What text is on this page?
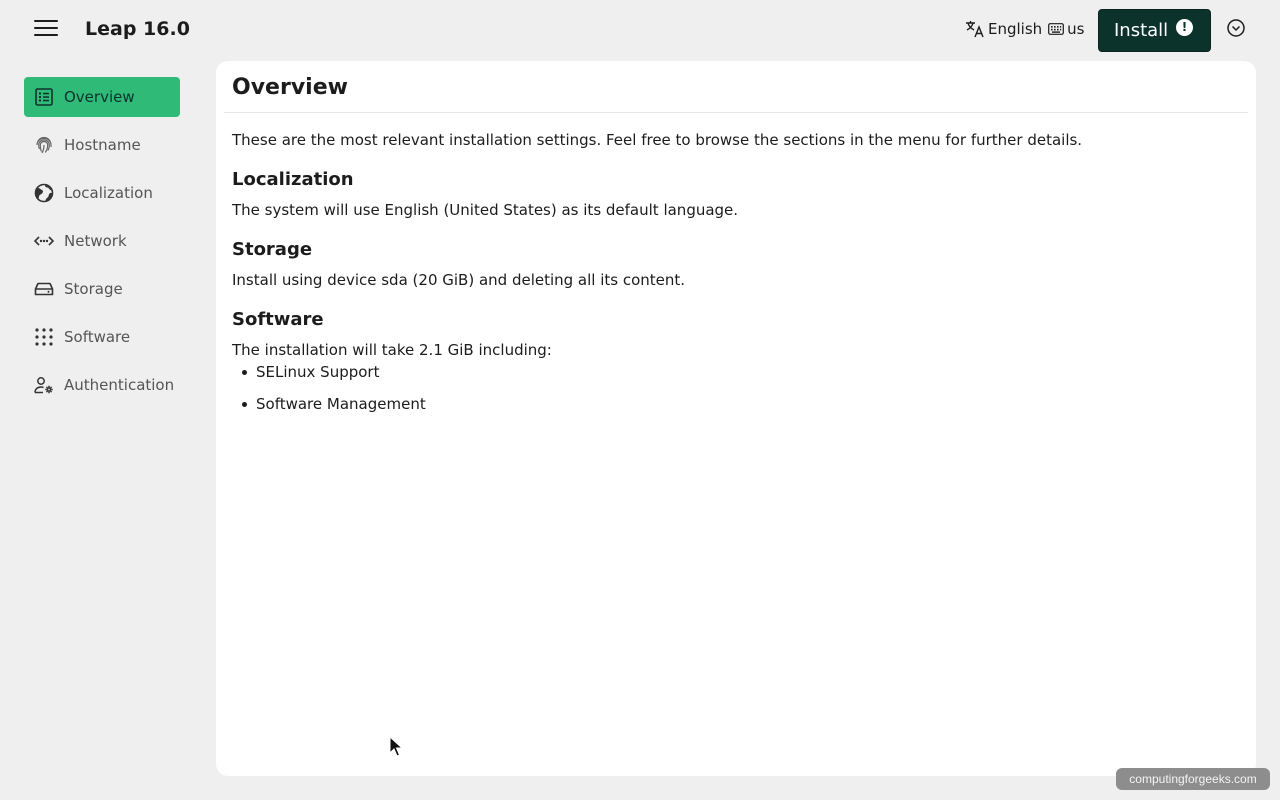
Leap 16.0	English us Install	!
Overview
Hostname
Localization
Network
Storage
Software
Authentication
Overview

These are the most relevant installation settings. Feel free to browse the sections in the menu for further details.

Localization

The system will use English (United States) as its default language.

Storage

Install using device sda (20 GiB) and deleting all its content.

Software

The installation will take 2.1 GiB including:

SELinux Support
Software Management
computingforgeeks.com
